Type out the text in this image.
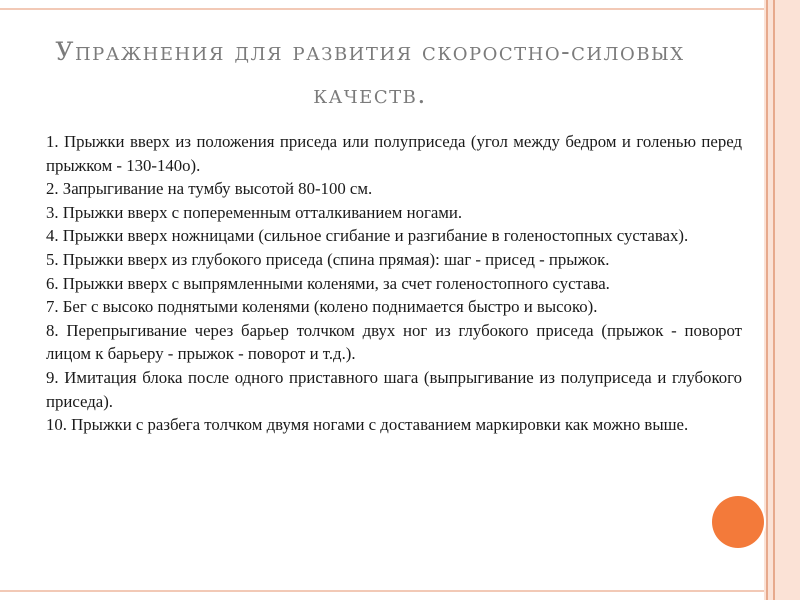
Упражнения для развития скоростно-силовых
качеств.
1. Прыжки вверх из положения приседа или полуприседа (угол между бедром и голенью перед прыжком - 130-140о).
2. Запрыгивание на тумбу высотой 80-100 см.
3. Прыжки вверх с попеременным отталкиванием ногами.
4. Прыжки вверх ножницами (сильное сгибание и разгибание в голеностопных суставах).
5. Прыжки вверх из глубокого приседа (спина прямая): шаг - присед - прыжок.
6. Прыжки вверх с выпрямленными коленями, за счет голеностопного сустава.
7. Бег с высоко поднятыми коленями (колено поднимается быстро и высоко).
8. Перепрыгивание через барьер толчком двух ног из глубокого приседа (прыжок - поворот лицом к барьеру - прыжок - поворот и т.д.).
9. Имитация блока после одного приставного шага (выпрыгивание из полуприседа и глубокого приседа).
10. Прыжки с разбега толчком двумя ногами с доставанием маркировки как можно выше.
